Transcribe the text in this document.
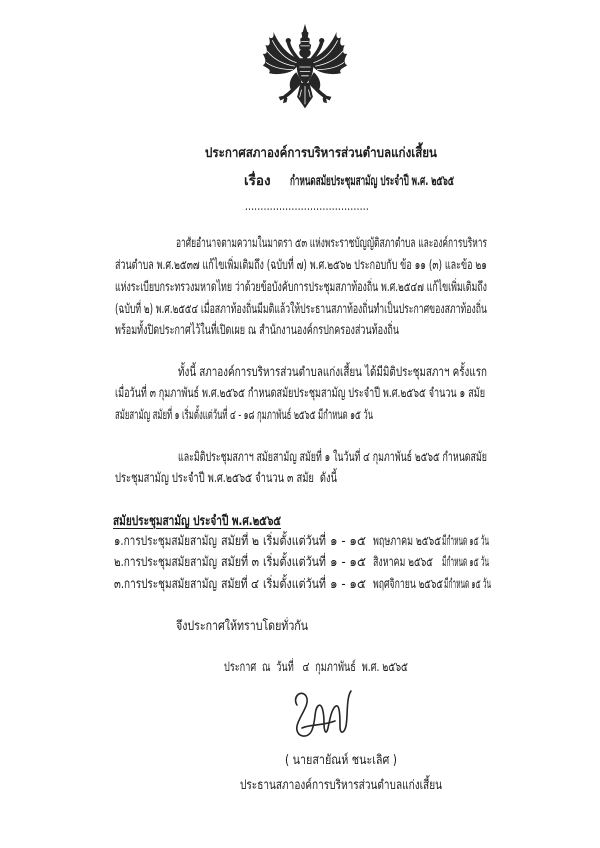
ประกาศสภาองค์การบริหารส่วนตำบลแก่งเสี้ยน
เรื่อง	กำหนดสมัยประชุมสามัญ ประจำปี พ.ศ. ๒๕๖๕
........................................
อาศัยอำนาจตามความในมาตรา ๕๓ แห่งพระราชบัญญัติสภาตำบล และองค์การบริหาร
ส่วนตำบล พ.ศ.๒๕๓๗ แก้ไขเพิ่มเติมถึง (ฉบับที่ ๗) พ.ศ.๒๕๖๒ ประกอบกับ ข้อ ๑๑ (๓) และข้อ ๒๑
แห่งระเบียบกระทรวงมหาดไทย ว่าด้วยข้อบังคับการประชุมสภาท้องถิ่น พ.ศ.๒๕๔๗ แก้ไขเพิ่มเติมถึง
(ฉบับที่ ๒) พ.ศ.๒๕๕๔ เมื่อสภาท้องถิ่นมีมติแล้วให้ประธานสภาท้องถิ่นทำเป็นประกาศของสภาท้องถิ่น
พร้อมทั้งปิดประกาศไว้ในที่เปิดเผย ณ สำนักงานองค์กรปกครองส่วนท้องถิ่น
ทั้งนี้ สภาองค์การบริหารส่วนตำบลแก่งเสี้ยน ได้มีมิติประชุมสภาฯ ครั้งแรก
เมื่อวันที่ ๓ กุมภาพันธ์ พ.ศ.๒๕๖๕ กำหนดสมัยประชุมสามัญ ประจำปี พ.ศ.๒๕๖๕ จำนวน ๑ สมัย
สมัยสามัญ สมัยที่ ๑ เริ่มตั้งแต่วันที่ ๔ - ๑๘ กุมภาพันธ์ ๒๕๖๕ มีกำหนด ๑๕ วัน
และมิติประชุมสภาฯ สมัยสามัญ สมัยที่ ๑ ในวันที่ ๔ กุมภาพันธ์ ๒๕๖๕ กำหนดสมัย
ประชุมสามัญ ประจำปี พ.ศ.๒๕๖๕ จำนวน ๓ สมัย  ดังนี้
สมัยประชุมสามัญ ประจำปี พ.ศ.๒๕๖๕
๑.การประชุมสมัยสามัญ สมัยที่ ๒ เริ่มตั้งแต่วันที่ ๑ - ๑๕ พฤษภาคม ๒๕๖๕ มีกำหนด ๑๕ วัน
๒.การประชุมสมัยสามัญ สมัยที่ ๓ เริ่มตั้งแต่วันที่ ๑ - ๑๕ สิงหาคม ๒๕๖๕ มีกำหนด ๑๕ วัน
๓.การประชุมสมัยสามัญ สมัยที่ ๔ เริ่มตั้งแต่วันที่ ๑ - ๑๕ พฤศจิกายน ๒๕๖๕ มีกำหนด ๑๕ วัน
จึงประกาศให้ทราบโดยทั่วกัน
ประกาศ  ณ  วันที่   ๔  กุมภาพันธ์  พ.ศ. ๒๕๖๕
( นายสายัณห์ ชนะเลิศ )
ประธานสภาองค์การบริหารส่วนตำบลแก่งเสี้ยน
